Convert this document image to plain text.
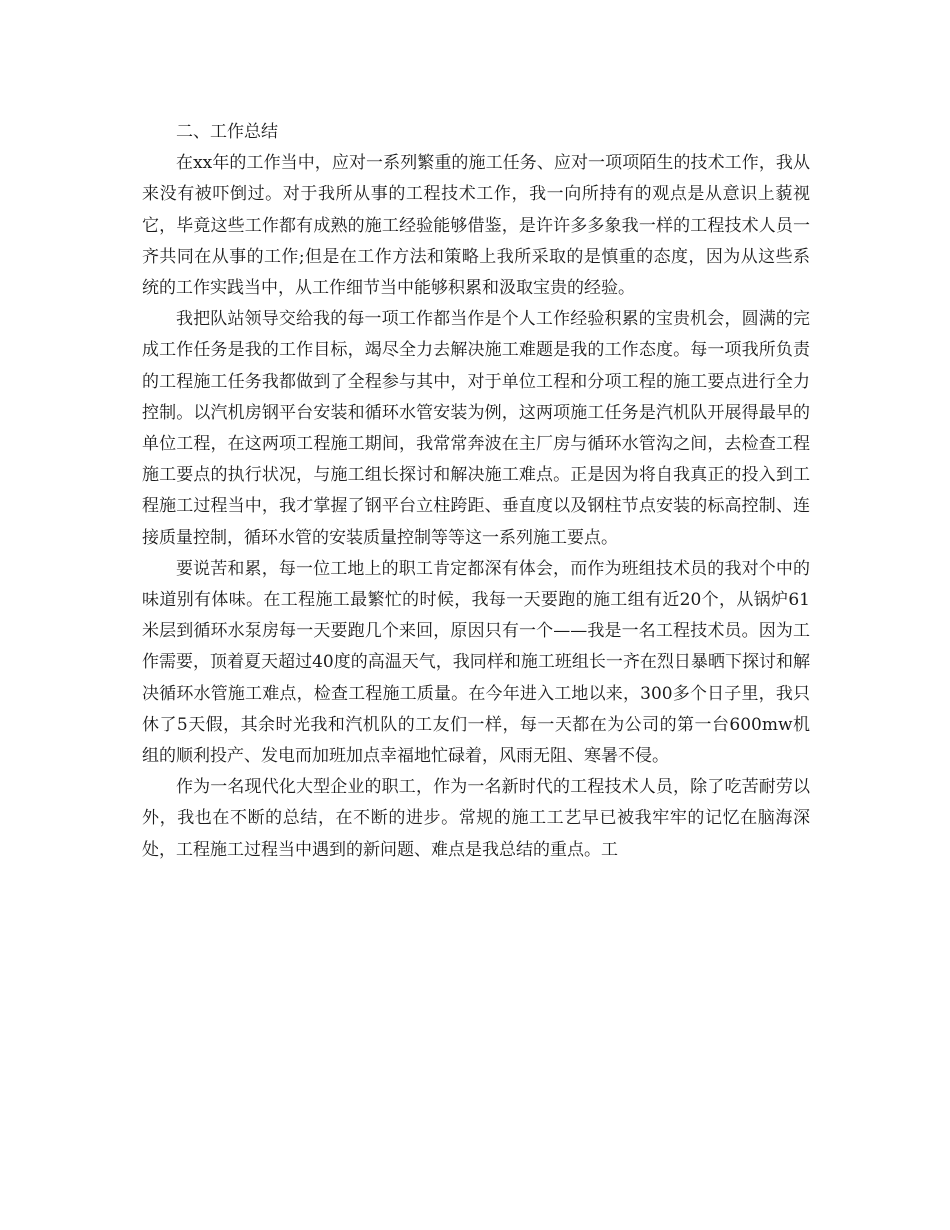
二、工作总结

在xx年的工作当中，应对一系列繁重的施工任务、应对一项项陌生的技术工作，我从来没有被吓倒过。对于我所从事的工程技术工作，我一向所持有的观点是从意识上藐视它，毕竟这些工作都有成熟的施工经验能够借鉴，是许许多多象我一样的工程技术人员一齐共同在从事的工作;但是在工作方法和策略上我所采取的是慎重的态度，因为从这些系统的工作实践当中，从工作细节当中能够积累和汲取宝贵的经验。

我把队站领导交给我的每一项工作都当作是个人工作经验积累的宝贵机会，圆满的完成工作任务是我的工作目标，竭尽全力去解决施工难题是我的工作态度。每一项我所负责的工程施工任务我都做到了全程参与其中，对于单位工程和分项工程的施工要点进行全力控制。以汽机房钢平台安装和循环水管安装为例，这两项施工任务是汽机队开展得最早的单位工程，在这两项工程施工期间，我常常奔波在主厂房与循环水管沟之间，去检查工程施工要点的执行状况，与施工组长探讨和解决施工难点。正是因为将自我真正的投入到工程施工过程当中，我才掌握了钢平台立柱跨距、垂直度以及钢柱节点安装的标高控制、连接质量控制，循环水管的安装质量控制等等这一系列施工要点。

要说苦和累，每一位工地上的职工肯定都深有体会，而作为班组技术员的我对个中的味道别有体味。在工程施工最繁忙的时候，我每一天要跑的施工组有近20个，从锅炉61米层到循环水泵房每一天要跑几个来回，原因只有一个——我是一名工程技术员。因为工作需要，顶着夏天超过40度的高温天气，我同样和施工班组长一齐在烈日暴晒下探讨和解决循环水管施工难点，检查工程施工质量。在今年进入工地以来，300多个日子里，我只休了5天假，其余时光我和汽机队的工友们一样，每一天都在为公司的第一台600mw机组的顺利投产、发电而加班加点幸福地忙碌着，风雨无阻、寒暑不侵。

作为一名现代化大型企业的职工，作为一名新时代的工程技术人员，除了吃苦耐劳以外，我也在不断的总结，在不断的进步。常规的施工工艺早已被我牢牢的记忆在脑海深处，工程施工过程当中遇到的新问题、难点是我总结的重点。工
